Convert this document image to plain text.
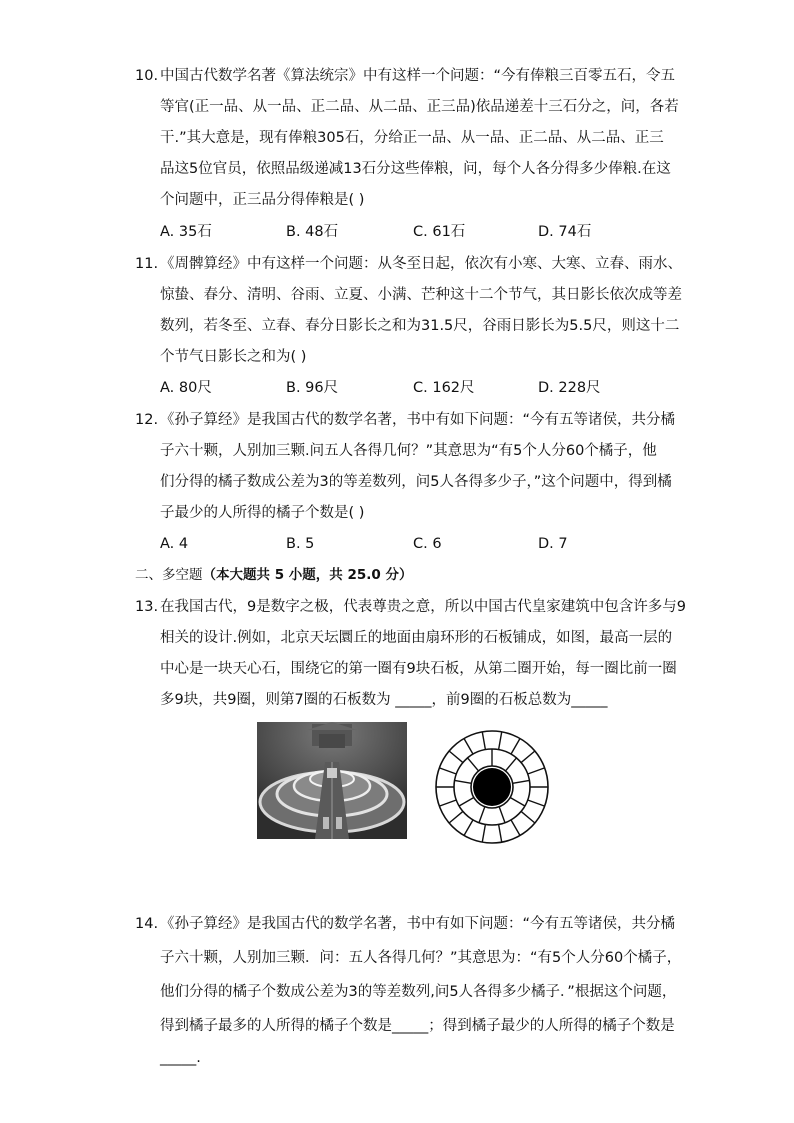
10. 中国古代数学名著《算法统宗》中有这样一个问题：“今有俸粮三百零五石，令五
等官(正一品、从一品、正二品、从二品、正三品)依品递差十三石分之，问，各若
干.”其大意是，现有俸粮305石，分给正一品、从一品、正二品、从二品、正三
品这5位官员，依照品级递减13石分这些俸粮，问，每个人各分得多少俸粮.在这
个问题中，正三品分得俸粮是( )
A. 35石	B. 48石	C. 61石	D. 74石
11. 《周髀算经》中有这样一个问题：从冬至日起，依次有小寒、大寒、立春、雨水、
惊蛰、春分、清明、谷雨、立夏、小满、芒种这十二个节气，其日影长依次成等差
数列，若冬至、立春、春分日影长之和为31.5尺，谷雨日影长为5.5尺，则这十二
个节气日影长之和为( )
A. 80尺	B. 96尺	C. 162尺	D. 228尺
12. 《孙子算经》是我国古代的数学名著，书中有如下问题：“今有五等诸侯，共分橘
子六十颗，人别加三颗.问五人各得几何？”其意思为“有5个人分60个橘子，他
们分得的橘子数成公差为3的等差数列，问5人各得多少子，”这个问题中，得到橘
子最少的人所得的橘子个数是( )
A. 4	B. 5	C. 6	D. 7
二、多空题（本大题共 5 小题，共 25.0 分）
13. 在我国古代，9是数字之极，代表尊贵之意，所以中国古代皇家建筑中包含许多与9
相关的设计.例如，北京天坛圜丘的地面由扇环形的石板铺成，如图，最高一层的
中心是一块天心石，围绕它的第一圈有9块石板，从第二圈开始，每一圈比前一圈
多9块，共9圈，则第7圈的石板数为 _____，前9圈的石板总数为_____
14. 《孙子算经》是我国古代的数学名著，书中有如下问题：“今有五等诸侯，共分橘
子六十颗，人别加三颗．问：五人各得几何？”其意思为：“有5个人分60个橘子，
他们分得的橘子个数成公差为3的等差数列,问5人各得多少橘子．”根据这个问题，
得到橘子最多的人所得的橘子个数是_____；得到橘子最少的人所得的橘子个数是
_____.
